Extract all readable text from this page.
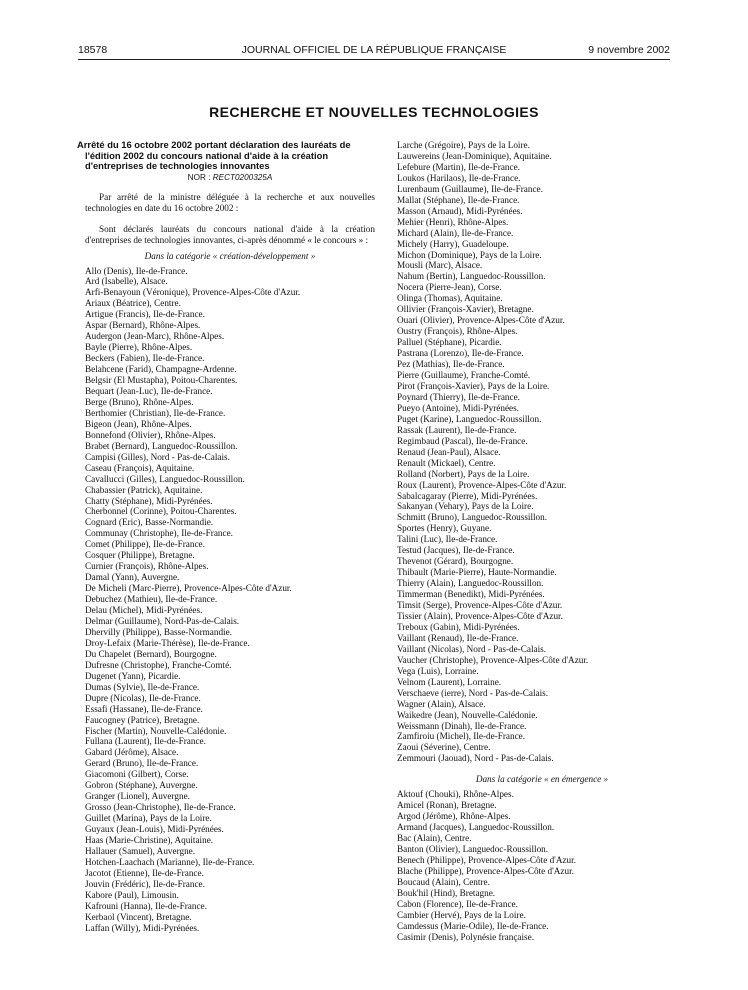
18578	JOURNAL OFFICIEL DE LA RÉPUBLIQUE FRANÇAISE	9 novembre 2002
RECHERCHE ET NOUVELLES TECHNOLOGIES
Arrêté du 16 octobre 2002 portant déclaration des lauréats de l'édition 2002 du concours national d'aide à la création d'entreprises de technologies innovantes
NOR : RECT0200325A

Par arrêté de la ministre déléguée à la recherche et aux nouvelles technologies en date du 16 octobre 2002 :

Sont déclarés lauréats du concours national d'aide à la création d'entreprises de technologies innovantes, ci-après dénommé « le concours » :

Dans la catégorie « création-développement »
Allo (Denis), Ile-de-France.
Ard (Isabelle), Alsace.
Arfi-Benayoun (Véronique), Provence-Alpes-Côte d'Azur.
Ariaux (Béatrice), Centre.
Artigue (Francis), Ile-de-France.
Aspar (Bernard), Rhône-Alpes.
Audergon (Jean-Marc), Rhône-Alpes.
Bayle (Pierre), Rhône-Alpes.
Beckers (Fabien), Ile-de-France.
Belahcene (Farid), Champagne-Ardenne.
Belgsir (El Mustapha), Poitou-Charentes.
Bequart (Jean-Luc), Ile-de-France.
Berge (Bruno), Rhône-Alpes.
Berthomier (Christian), Ile-de-France.
Bigeon (Jean), Rhône-Alpes.
Bonnefond (Olivier), Rhône-Alpes.
Brabet (Bernard), Languedoc-Roussillon.
Campisi (Gilles), Nord - Pas-de-Calais.
Caseau (François), Aquitaine.
Cavallucci (Gilles), Languedoc-Roussillon.
Chabassier (Patrick), Aquitaine.
Chatty (Stéphane), Midi-Pyrénées.
Cherbonnel (Corinne), Poitou-Charentes.
Cognard (Eric), Basse-Normandie.
Communay (Christophe), Ile-de-France.
Comet (Philippe), Ile-de-France.
Cosquer (Philippe), Bretagne.
Curnier (François), Rhône-Alpes.
Damal (Yann), Auvergne.
De Micheli (Marc-Pierre), Provence-Alpes-Côte d'Azur.
Debuchez (Mathieu), Ile-de-France.
Delau (Michel), Midi-Pyrénées.
Delmar (Guillaume), Nord-Pas-de-Calais.
Dhervilly (Philippe), Basse-Normandie.
Droy-Lefaix (Marie-Thérèse), Ile-de-France.
Du Chapelet (Bernard), Bourgogne.
Dufresne (Christophe), Franche-Comté.
Dugenet (Yann), Picardie.
Dumas (Sylvie), Ile-de-France.
Dupre (Nicolas), Ile-de-France.
Essafi (Hassane), Ile-de-France.
Faucogney (Patrice), Bretagne.
Fischer (Martin), Nouvelle-Calédonie.
Fullana (Laurent), Ile-de-France.
Gabard (Jérôme), Alsace.
Gerard (Bruno), Ile-de-France.
Giacomoni (Gilbert), Corse.
Gobron (Stéphane), Auvergne.
Granger (Lionel), Auvergne.
Grosso (Jean-Christophe), Ile-de-France.
Guillet (Marina), Pays de la Loire.
Guyaux (Jean-Louis), Midi-Pyrénées.
Haas (Marie-Christine), Aquitaine.
Hallauer (Samuel), Auvergne.
Hotchen-Laachach (Marianne), Ile-de-France.
Jacotot (Etienne), Ile-de-France.
Jouvin (Frédéric), Ile-de-France.
Kabore (Paul), Limousin.
Kafrouni (Hanna), Ile-de-France.
Kerbaol (Vincent), Bretagne.
Laffan (Willy), Midi-Pyrénées.
Larche (Grégoire), Pays de la Loire.
Lauwereins (Jean-Dominique), Aquitaine.
Lefebure (Martin), Ile-de-France.
Loukos (Harilaos), Ile-de-France.
Lurenbaum (Guillaume), Ile-de-France.
Mallat (Stéphane), Ile-de-France.
Masson (Arnaud), Midi-Pyrénées.
Mehier (Henri), Rhône-Alpes.
Michard (Alain), Ile-de-France.
Michely (Harry), Guadeloupe.
Michon (Dominique), Pays de la Loire.
Mousli (Marc), Alsace.
Nahum (Bertin), Languedoc-Roussillon.
Nocera (Pierre-Jean), Corse.
Olinga (Thomas), Aquitaine.
Ollivier (François-Xavier), Bretagne.
Ouari (Olivier), Provence-Alpes-Côte d'Azur.
Oustry (François), Rhône-Alpes.
Palluel (Stéphane), Picardie.
Pastrana (Lorenzo), Ile-de-France.
Pez (Mathias), Ile-de-France.
Pierre (Guillaume), Franche-Comté.
Pirot (François-Xavier), Pays de la Loire.
Poynard (Thierry), Ile-de-France.
Pueyo (Antoine), Midi-Pyrénées.
Puget (Karine), Languedoc-Roussillon.
Rassak (Laurent), Ile-de-France.
Regimbaud (Pascal), Ile-de-France.
Renaud (Jean-Paul), Alsace.
Renault (Mickael), Centre.
Rolland (Norbert), Pays de la Loire.
Roux (Laurent), Provence-Alpes-Côte d'Azur.
Sabalcagaray (Pierre), Midi-Pyrénées.
Sakanyan (Vehary), Pays de la Loire.
Schmitt (Bruno), Languedoc-Roussillon.
Sportes (Henry), Guyane.
Talini (Luc), Ile-de-France.
Testud (Jacques), Ile-de-France.
Thevenot (Gérard), Bourgogne.
Thibault (Marie-Pierre), Haute-Normandie.
Thierry (Alain), Languedoc-Roussillon.
Timmerman (Benedikt), Midi-Pyrénées.
Timsit (Serge), Provence-Alpes-Côte d'Azur.
Tissier (Alain), Provence-Alpes-Côte d'Azur.
Treboux (Gabin), Midi-Pyrénées.
Vaillant (Renaud), Ile-de-France.
Vaillant (Nicolas), Nord - Pas-de-Calais.
Vaucher (Christophe), Provence-Alpes-Côte d'Azur.
Vega (Luis), Lorraine.
Velnom (Laurent), Lorraine.
Verschaeve (ierre), Nord - Pas-de-Calais.
Wagner (Alain), Alsace.
Waikedre (Jean), Nouvelle-Calédonie.
Weissmann (Dinah), Ile-de-France.
Zamfiroiu (Michel), Ile-de-France.
Zaoui (Séverine), Centre.
Zemmouri (Jaouad), Nord - Pas-de-Calais.
Dans la catégorie « en émergence »
Aktouf (Chouki), Rhône-Alpes.
Amicel (Ronan), Bretagne.
Argod (Jérôme), Rhône-Alpes.
Armand (Jacques), Languedoc-Roussillon.
Bac (Alain), Centre.
Banton (Olivier), Languedoc-Roussillon.
Benech (Philippe), Provence-Alpes-Côte d'Azur.
Blache (Philippe), Provence-Alpes-Côte d'Azur.
Boucaud (Alain), Centre.
Bouk'hil (Hind), Bretagne.
Cabon (Florence), Ile-de-France.
Cambier (Hervé), Pays de la Loire.
Camdessus (Marie-Odile), Ile-de-France.
Casimir (Denis), Polynésie française.
